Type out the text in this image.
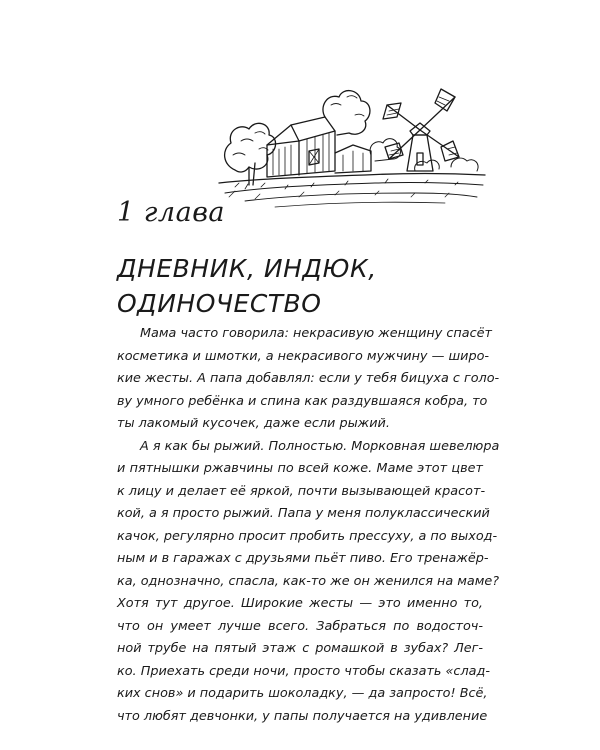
1 глава
ДНЕВНИК, ИНДЮК,
ОДИНОЧЕСТВО
Мама часто говорила: некрасивую женщину спасёт
косметика и шмотки, а некрасивого мужчину — широ-
кие жесты. А папа добавлял: если у тебя бицуха с голо-
ву умного ребёнка и спина как раздувшаяся кобра, то
ты лакомый кусочек, даже если рыжий.
А я как бы рыжий. Полностью. Морковная шевелюра
и пятнышки ржавчины по всей коже. Маме этот цвет
к лицу и делает её яркой, почти вызывающей красот-
кой, а я просто рыжий. Папа у меня полуклассический
качок, регулярно просит пробить прессуху, а по выход-
ным и в гаражах с друзьями пьёт пиво. Его тренажёр-
ка, однозначно, спасла, как-то же он женился на маме?
Хотя тут другое. Широкие жесты — это именно то,
что он умеет лучше всего. Забраться по водосточ-
ной трубе на пятый этаж с ромашкой в зубах? Лег-
ко. Приехать среди ночи, просто чтобы сказать «слад-
ких снов» и подарить шоколадку, — да запросто! Всё,
что любят девчонки, у папы получается на удивление
